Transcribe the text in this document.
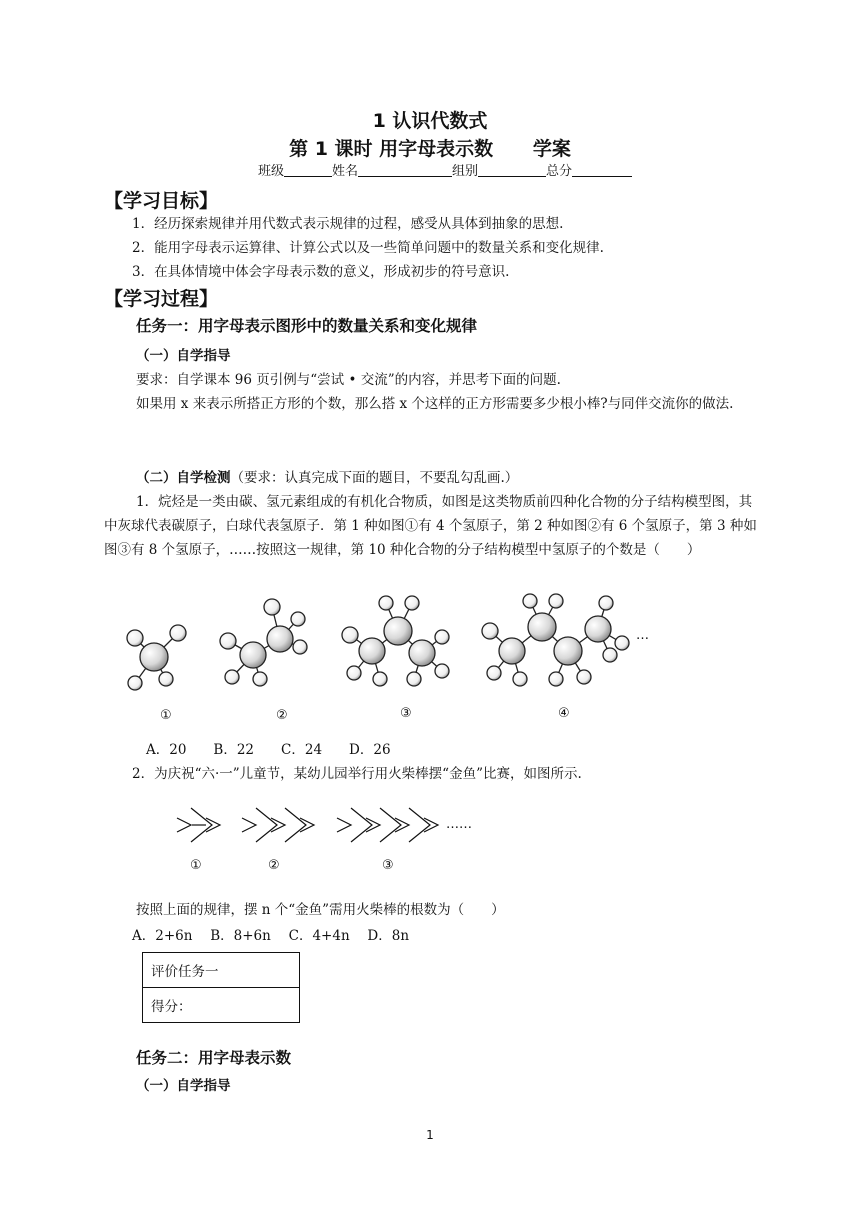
1 认识代数式
第 1 课时 用字母表示数      学案
班级	姓名	组别	总分
【学习目标】
1．经历探索规律并用代数式表示规律的过程，感受从具体到抽象的思想.
2．能用字母表示运算律、计算公式以及一些简单问题中的数量关系和变化规律.
3．在具体情境中体会字母表示数的意义，形成初步的符号意识.
【学习过程】
任务一：用字母表示图形中的数量关系和变化规律
（一）自学指导
要求：自学课本 96 页引例与“尝试 • 交流”的内容，并思考下面的问题.
如果用 x 来表示所搭正方形的个数，那么搭 x 个这样的正方形需要多少根小棒?与同伴交流你的做法.
（二）自学检测（要求：认真完成下面的题目，不要乱勾乱画.）
1．烷烃是一类由碳、氢元素组成的有机化合物质，如图是这类物质前四种化合物的分子结构模型图，其中灰球代表碳原子，白球代表氢原子．第 1 种如图①有 4 个氢原子，第 2 种如图②有 6 个氢原子，第 3 种如图③有 8 个氢原子，……按照这一规律，第 10 种化合物的分子结构模型中氢原子的个数是（　　）
…
①	②	③	④
A．20　　B．22　　C．24　　D．26
2．为庆祝“六·一”儿童节，某幼儿园举行用火柴棒摆“金鱼”比赛，如图所示.
……
①	②	③
按照上面的规律，摆 n 个“金鱼”需用火柴棒的根数为（　　）
A．2+6n　 B．8+6n　 C．4+4n　 D．8n
评价任务一
得分：
任务二：用字母表示数
（一）自学指导
1
